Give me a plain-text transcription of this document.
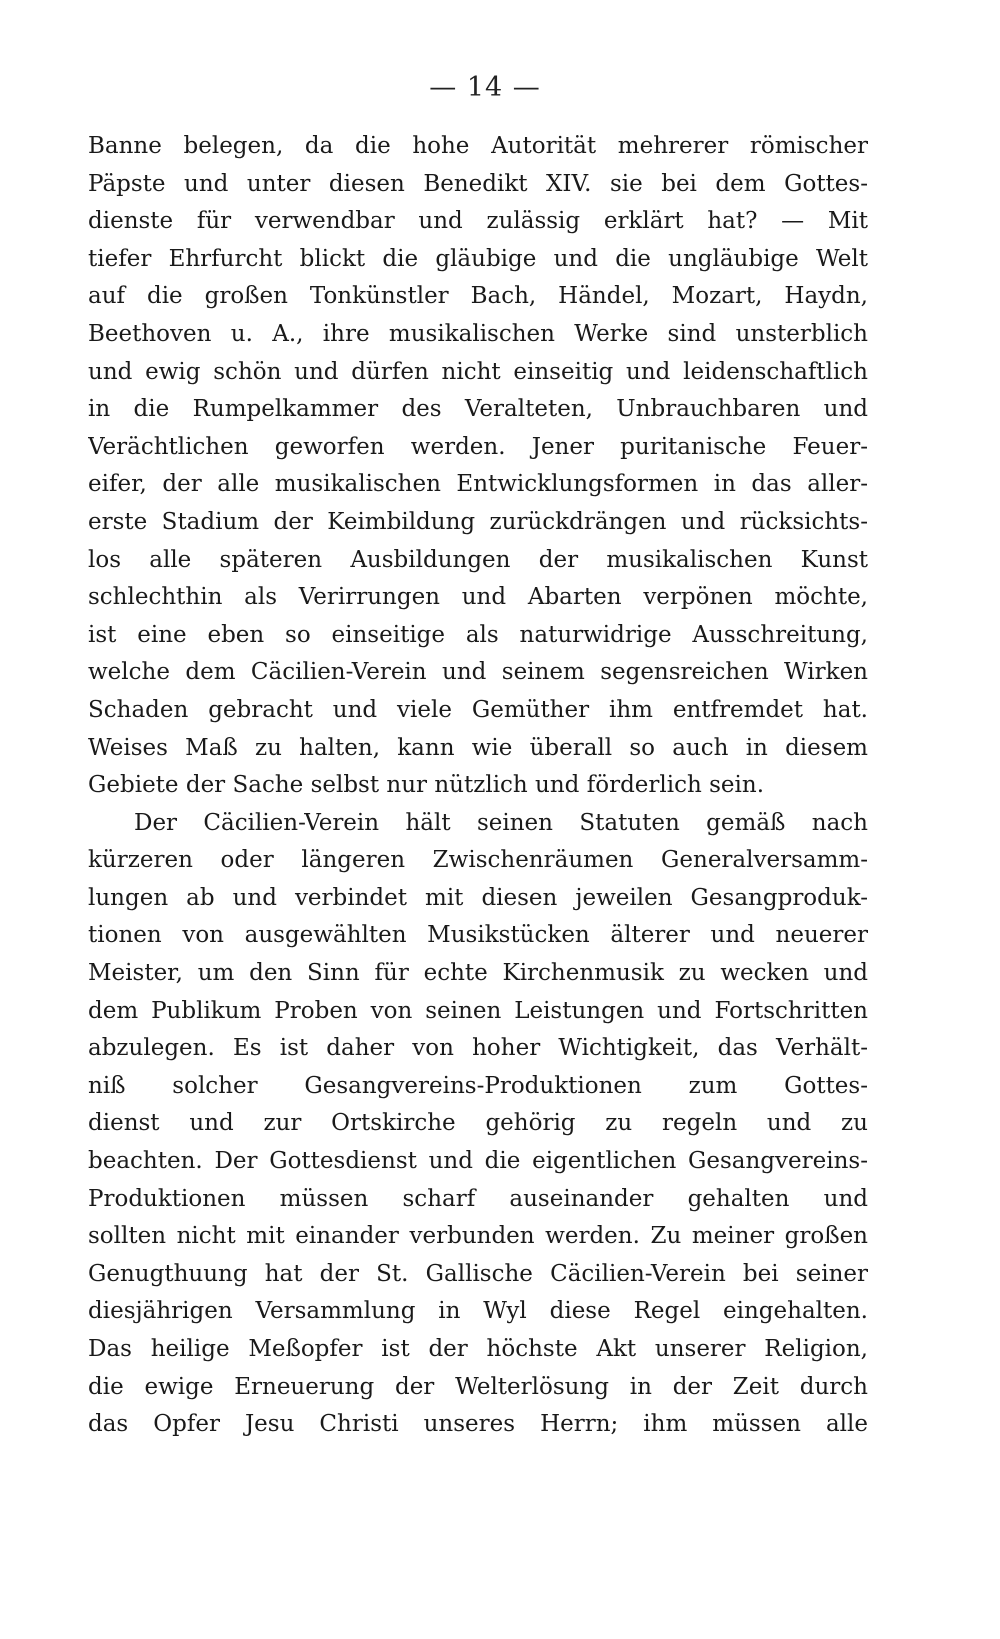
— 14 —
Banne belegen, da die hohe Autorität mehrerer römischer
Päpste und unter diesen Benedikt XIV. sie bei dem Gottes-
dienste für verwendbar und zulässig erklärt hat? — Mit
tiefer Ehrfurcht blickt die gläubige und die ungläubige Welt
auf die großen Tonkünstler Bach, Händel, Mozart, Haydn,
Beethoven u. A., ihre musikalischen Werke sind unsterblich
und ewig schön und dürfen nicht einseitig und leidenschaftlich
in die Rumpelkammer des Veralteten, Unbrauchbaren und
Verächtlichen geworfen werden. Jener puritanische Feuer-
eifer, der alle musikalischen Entwicklungsformen in das aller-
erste Stadium der Keimbildung zurückdrängen und rücksichts-
los alle späteren Ausbildungen der musikalischen Kunst
schlechthin als Verirrungen und Abarten verpönen möchte,
ist eine eben so einseitige als naturwidrige Ausschreitung,
welche dem Cäcilien-Verein und seinem segensreichen Wirken
Schaden gebracht und viele Gemüther ihm entfremdet hat.
Weises Maß zu halten, kann wie überall so auch in diesem
Gebiete der Sache selbst nur nützlich und förderlich sein.
Der Cäcilien-Verein hält seinen Statuten gemäß nach
kürzeren oder längeren Zwischenräumen Generalversamm-
lungen ab und verbindet mit diesen jeweilen Gesangproduk-
tionen von ausgewählten Musikstücken älterer und neuerer
Meister, um den Sinn für echte Kirchenmusik zu wecken und
dem Publikum Proben von seinen Leistungen und Fortschritten
abzulegen. Es ist daher von hoher Wichtigkeit, das Verhält-
niß solcher Gesangvereins-Produktionen zum Gottes-
dienst und zur Ortskirche gehörig zu regeln und zu
beachten. Der Gottesdienst und die eigentlichen Gesangvereins-
Produktionen müssen scharf auseinander gehalten und
sollten nicht mit einander verbunden werden. Zu meiner großen
Genugthuung hat der St. Gallische Cäcilien-Verein bei seiner
diesjährigen Versammlung in Wyl diese Regel eingehalten.
Das heilige Meßopfer ist der höchste Akt unserer Religion,
die ewige Erneuerung der Welterlösung in der Zeit durch
das Opfer Jesu Christi unseres Herrn; ihm müssen alle
